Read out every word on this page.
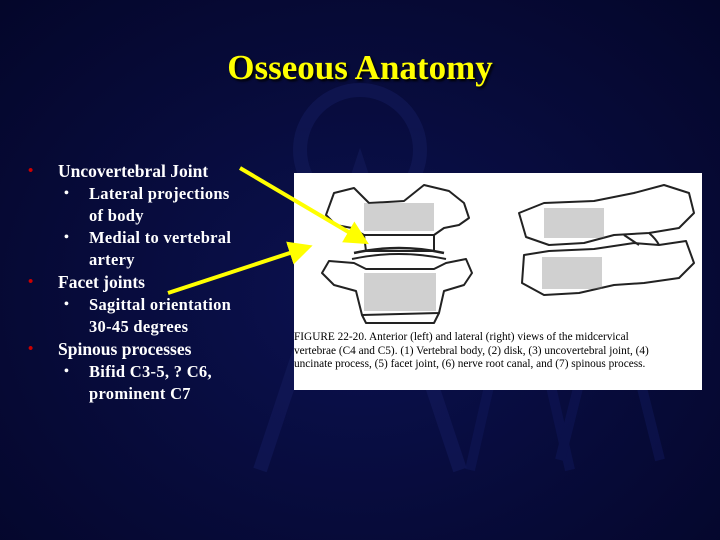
Osseous Anatomy
• Uncovertebral Joint
• Lateral projections
of body
• Medial to vertebral
artery
• Facet joints
• Sagittal orientation
30-45 degrees
• Spinous processes
• Bifid C3-5, ? C6,
prominent C7
FIGURE 22-20. Anterior (left) and lateral (right) views of the midcervical
vertebrae (C4 and C5). (1) Vertebral body, (2) disk, (3) uncovertebral joint, (4)
uncinate process, (5) facet joint, (6) nerve root canal, and (7) spinous process.
